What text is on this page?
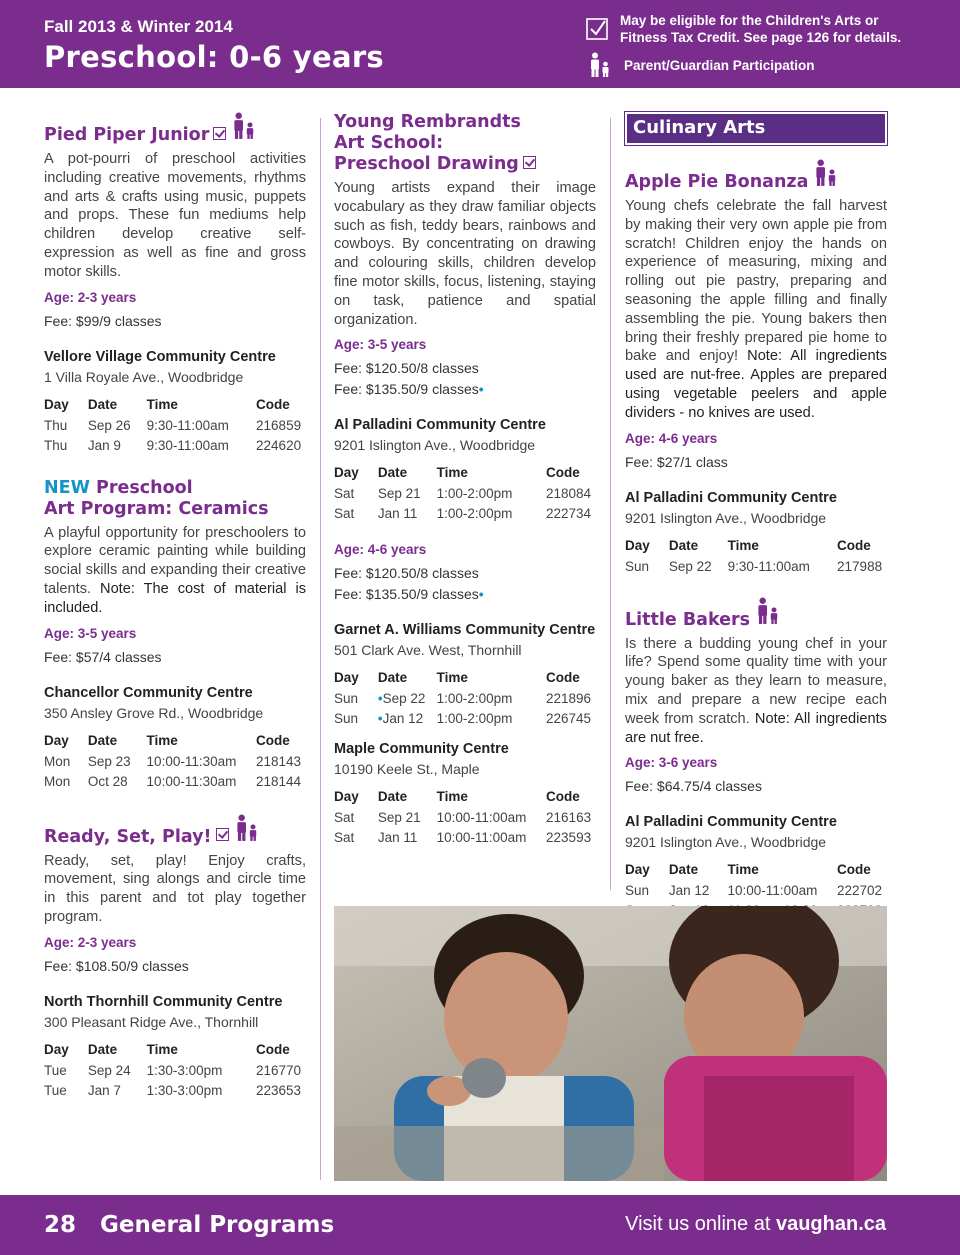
Fall 2013 & Winter 2014
Preschool: 0-6 years
May be eligible for the Children's Arts or Fitness Tax Credit. See page 126 for details.
Parent/Guardian Participation
Pied Piper Junior
A pot-pourri of preschool activities including creative movements, rhythms and arts & crafts using music, puppets and props. These fun mediums help children develop creative self-expression as well as fine and gross motor skills.
Age: 2-3 years
Fee: $99/9 classes
Vellore Village Community Centre
1 Villa Royale Ave., Woodbridge
Day	Date	Time	Code
Thu	Sep 26	9:30-11:00am	216859
Thu	Jan 9	9:30-11:00am	224620
NEW Preschool
Art Program: Ceramics
A playful opportunity for preschoolers to explore ceramic painting while building social skills and expanding their creative talents. Note: The cost of material is included.
Age: 3-5 years
Fee: $57/4 classes
Chancellor Community Centre
350 Ansley Grove Rd., Woodbridge
Day	Date	Time	Code
Mon	Sep 23	10:00-11:30am	218143
Mon	Oct 28	10:00-11:30am	218144
Ready, Set, Play!
Ready, set, play! Enjoy crafts, movement, sing alongs and circle time in this parent and tot play together program.
Age: 2-3 years
Fee: $108.50/9 classes
North Thornhill Community Centre
300 Pleasant Ridge Ave., Thornhill
Day	Date	Time	Code
Tue	Sep 24	1:30-3:00pm	216770
Tue	Jan 7	1:30-3:00pm	223653
Young Rembrandts
Art School:
Preschool Drawing
Young artists expand their image vocabulary as they draw familiar objects such as fish, teddy bears, rainbows and cowboys. By concentrating on drawing and colouring skills, children develop fine motor skills, focus, listening, staying on task, patience and spatial organization.
Age: 3-5 years
Fee: $120.50/8 classes
Fee: $135.50/9 classes•
Al Palladini Community Centre
9201 Islington Ave., Woodbridge
Day	Date	Time	Code
Sat	Sep 21	1:00-2:00pm	218084
Sat	Jan 11	1:00-2:00pm	222734
Age: 4-6 years
Fee: $120.50/8 classes
Fee: $135.50/9 classes•
Garnet A. Williams Community Centre
501 Clark Ave. West, Thornhill
Day	Date	Time	Code
Sun	•Sep 22	1:00-2:00pm	221896
Sun	•Jan 12	1:00-2:00pm	226745
Maple Community Centre
10190 Keele St., Maple
Day	Date	Time	Code
Sat	Sep 21	10:00-11:00am	216163
Sat	Jan 11	10:00-11:00am	223593
Culinary Arts
Apple Pie Bonanza
Young chefs celebrate the fall harvest by making their very own apple pie from scratch! Children enjoy the hands on experience of measuring, mixing and rolling out pie pastry, preparing and seasoning the apple filling and finally assembling the pie. Young bakers then bring their freshly prepared pie home to bake and enjoy! Note: All ingredients used are nut-free. Apples are prepared using vegetable peelers and apple dividers - no knives are used.
Age: 4-6 years
Fee: $27/1 class
Al Palladini Community Centre
9201 Islington Ave., Woodbridge
Day	Date	Time	Code
Sun	Sep 22	9:30-11:00am	217988
Little Bakers
Is there a budding young chef in your life? Spend some quality time with your young baker as they learn to measure, mix and prepare a new recipe each week from scratch. Note: All ingredients are nut free.
Age: 3-6 years
Fee: $64.75/4 classes
Al Palladini Community Centre
9201 Islington Ave., Woodbridge
Day	Date	Time	Code
Sun	Jan 12	10:00-11:00am	222702

28 General Programs	Visit us online at vaughan.ca
